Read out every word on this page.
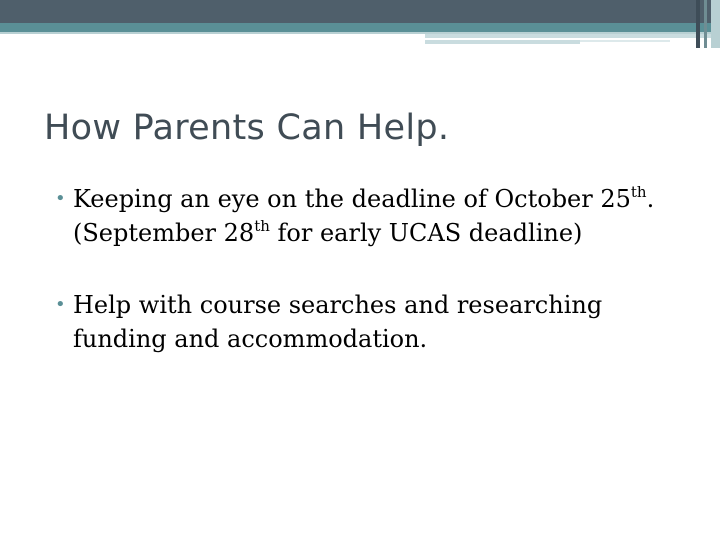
How Parents Can Help.
• Keeping an eye on the deadline of October 25th.
(September 28th for early UCAS deadline)
• Help with course searches and researching
funding and accommodation.
